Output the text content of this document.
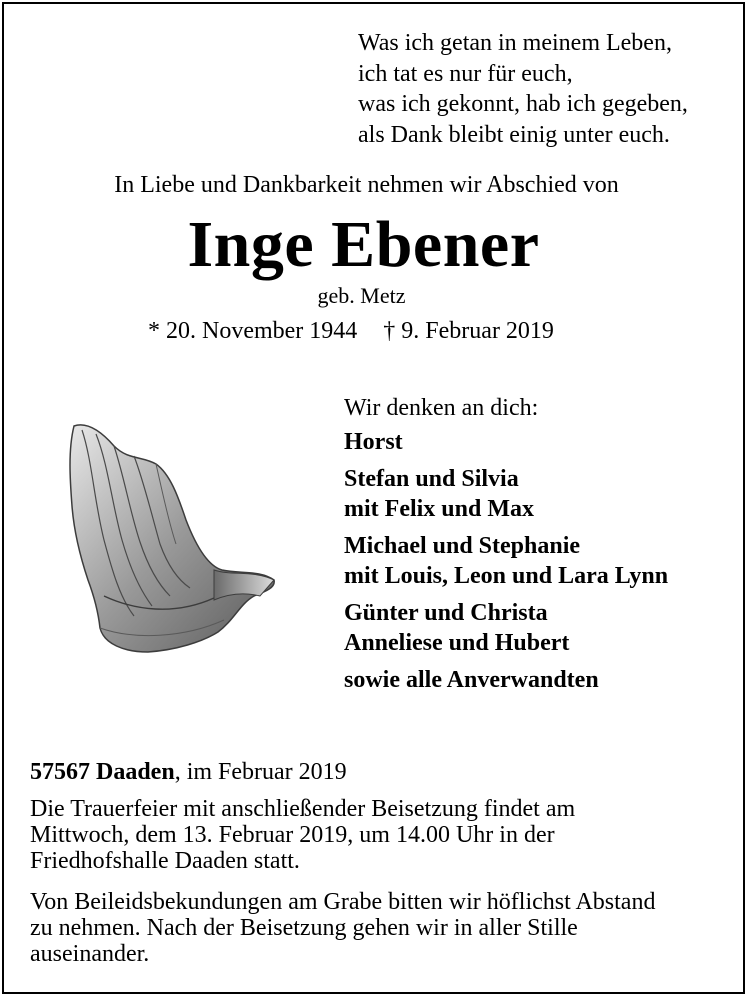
Was ich getan in meinem Leben,
ich tat es nur für euch,
was ich gekonnt, hab ich gegeben,
als Dank bleibt einig unter euch.
In Liebe und Dankbarkeit nehmen wir Abschied von
Inge Ebener
geb. Metz
* 20. November 1944 † 9. Februar 2019
Wir denken an dich:
Horst
Stefan und Silvia
mit Felix und Max
Michael und Stephanie
mit Louis, Leon und Lara Lynn
Günter und Christa
Anneliese und Hubert
sowie alle Anverwandten
57567 Daaden, im Februar 2019
Die Trauerfeier mit anschließender Beisetzung findet am
Mittwoch, dem 13. Februar 2019, um 14.00 Uhr in der
Friedhofshalle Daaden statt.
Von Beileidsbekundungen am Grabe bitten wir höflichst Abstand
zu nehmen. Nach der Beisetzung gehen wir in aller Stille
auseinander.
